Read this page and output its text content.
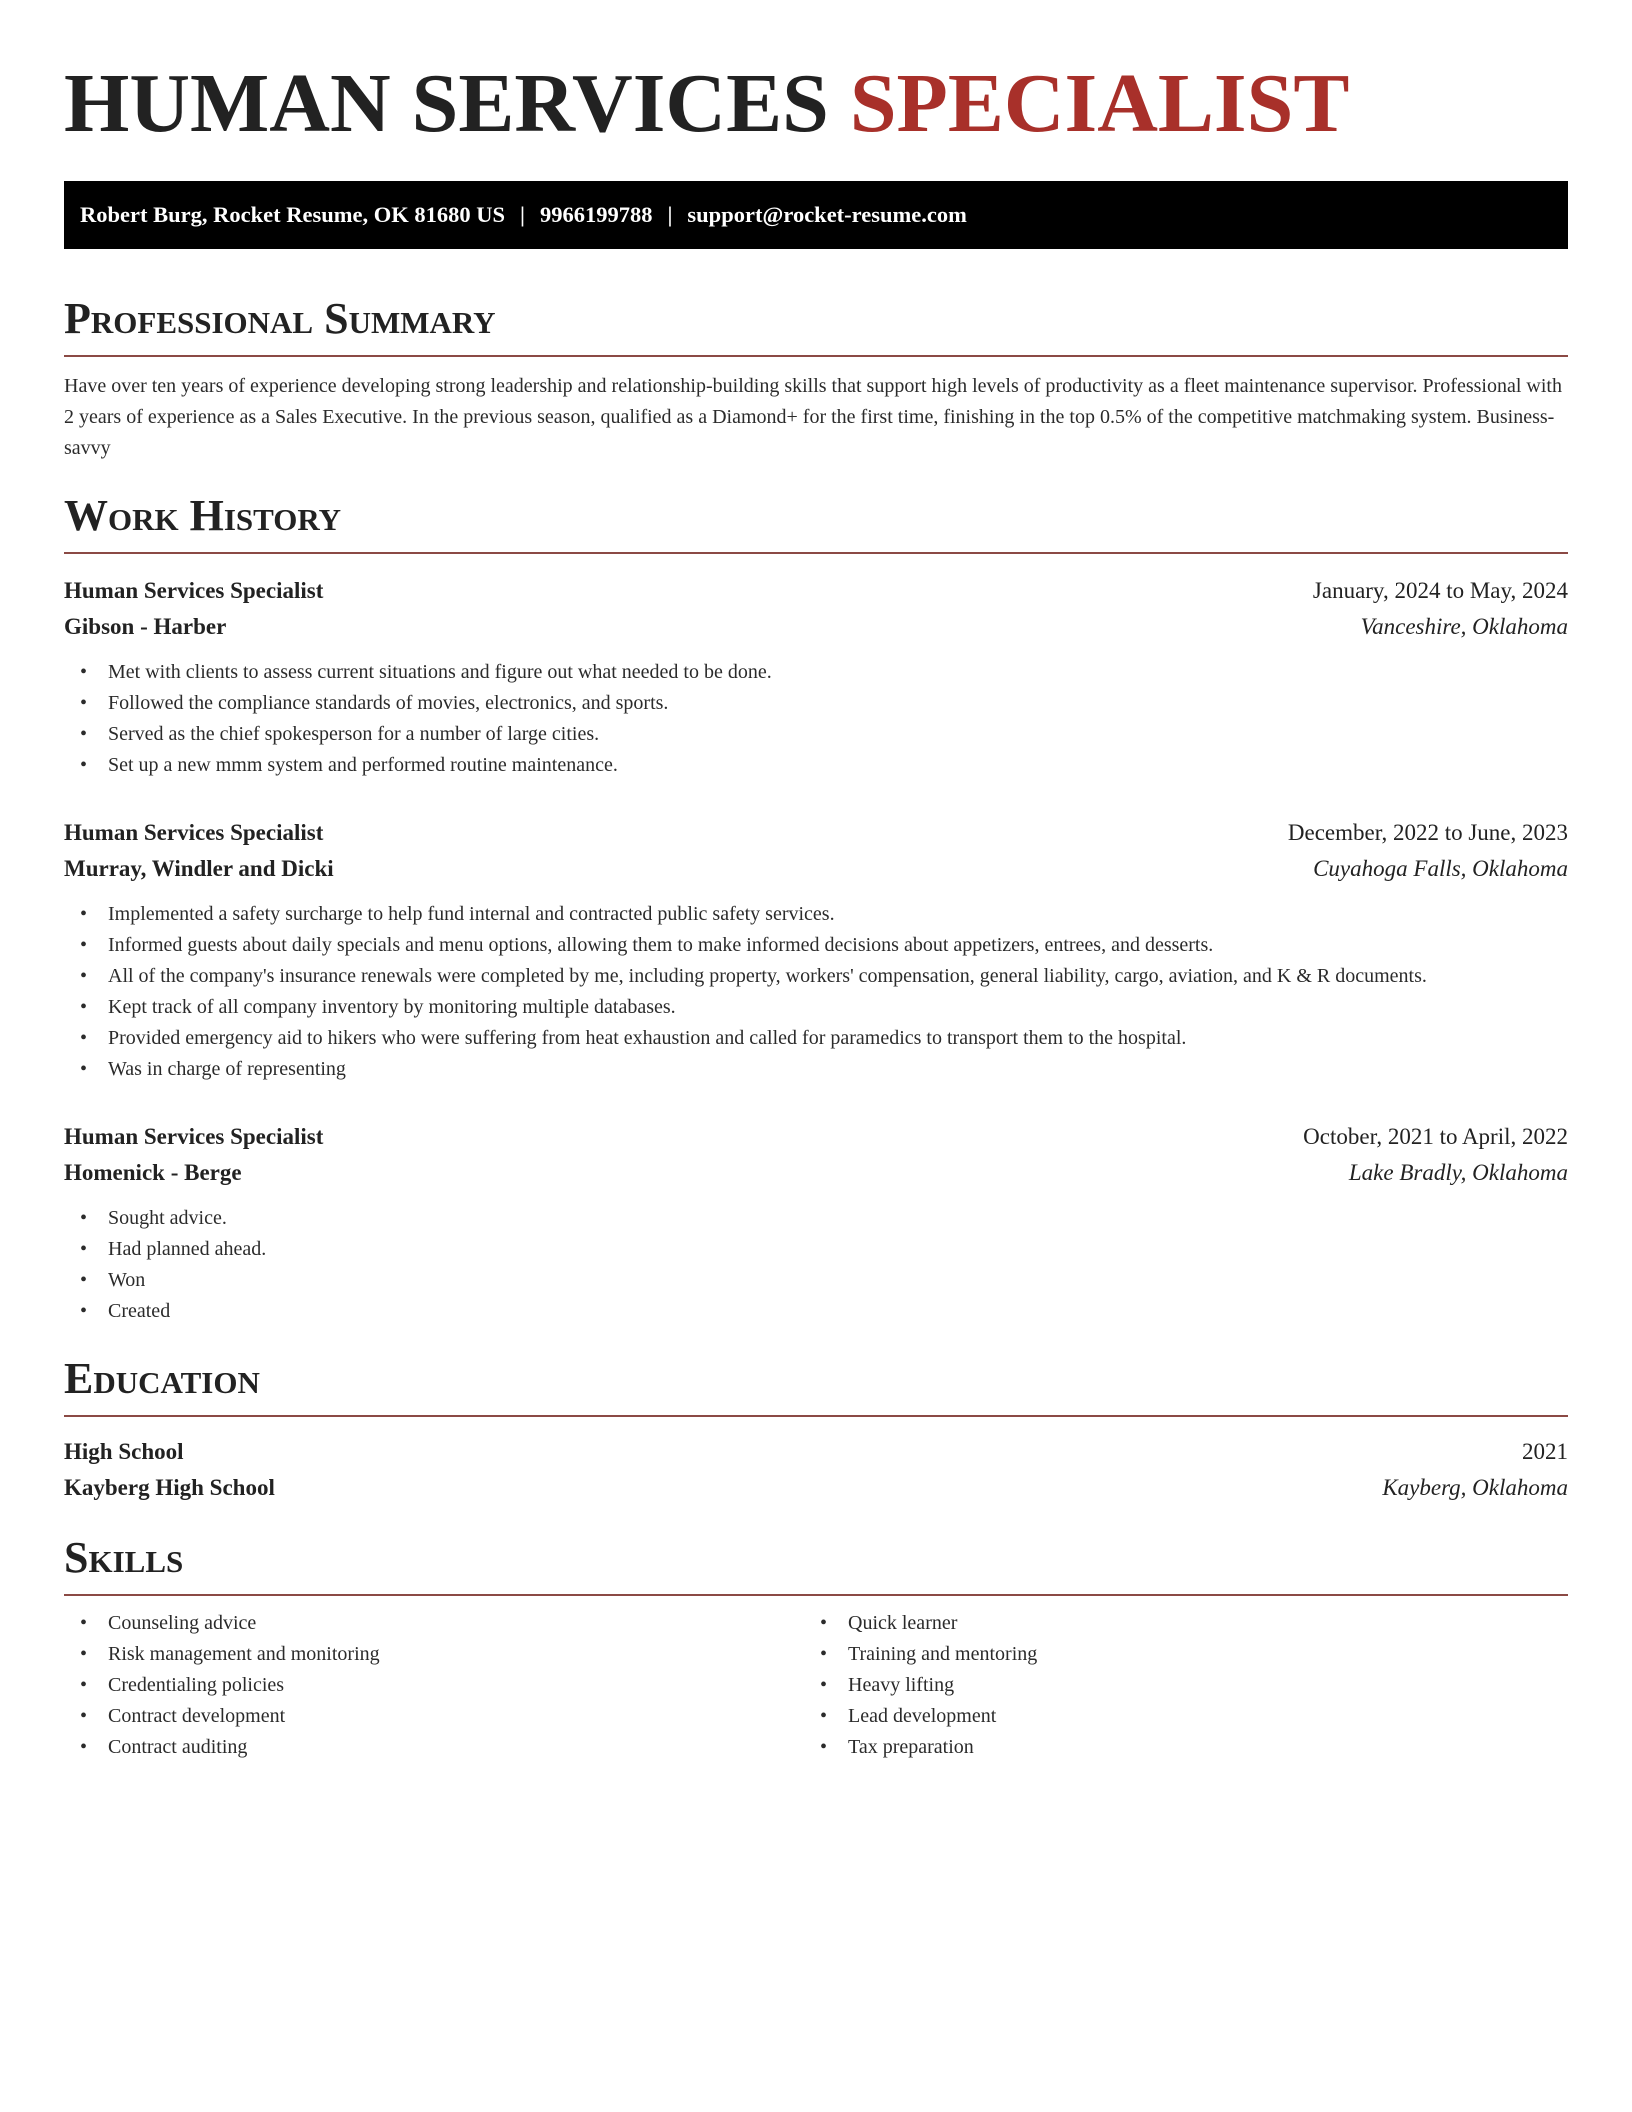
HUMAN SERVICES SPECIALIST
Robert Burg, Rocket Resume, OK 81680 US | 9966199788 | support@rocket-resume.com
Professional Summary

Have over ten years of experience developing strong leadership and relationship-building skills that support high levels of productivity as a fleet maintenance supervisor. Professional with 2 years of experience as a Sales Executive. In the previous season, qualified as a Diamond+ for the first time, finishing in the top 0.5% of the competitive matchmaking system. Business-savvy

Work History
Human Services Specialist	January, 2024 to May, 2024
Gibson - Harber	Vanceshire, Oklahoma
• Met with clients to assess current situations and figure out what needed to be done.
• Followed the compliance standards of movies, electronics, and sports.
• Served as the chief spokesperson for a number of large cities.
• Set up a new mmm system and performed routine maintenance.
Human Services Specialist	December, 2022 to June, 2023
Murray, Windler and Dicki	Cuyahoga Falls, Oklahoma
• Implemented a safety surcharge to help fund internal and contracted public safety services.
• Informed guests about daily specials and menu options, allowing them to make informed decisions about appetizers, entrees, and desserts.
• All of the company's insurance renewals were completed by me, including property, workers' compensation, general liability, cargo, aviation, and K & R documents.
• Kept track of all company inventory by monitoring multiple databases.
• Provided emergency aid to hikers who were suffering from heat exhaustion and called for paramedics to transport them to the hospital.
• Was in charge of representing
Human Services Specialist	October, 2021 to April, 2022
Homenick - Berge	Lake Bradly, Oklahoma
• Sought advice.
• Had planned ahead.
• Won
• Created
Education
High School	2021
Kayberg High School	Kayberg, Oklahoma
Skills
• Counseling advice
• Risk management and monitoring
• Credentialing policies
• Contract development
• Contract auditing
• Quick learner
• Training and mentoring
• Heavy lifting
• Lead development
• Tax preparation
